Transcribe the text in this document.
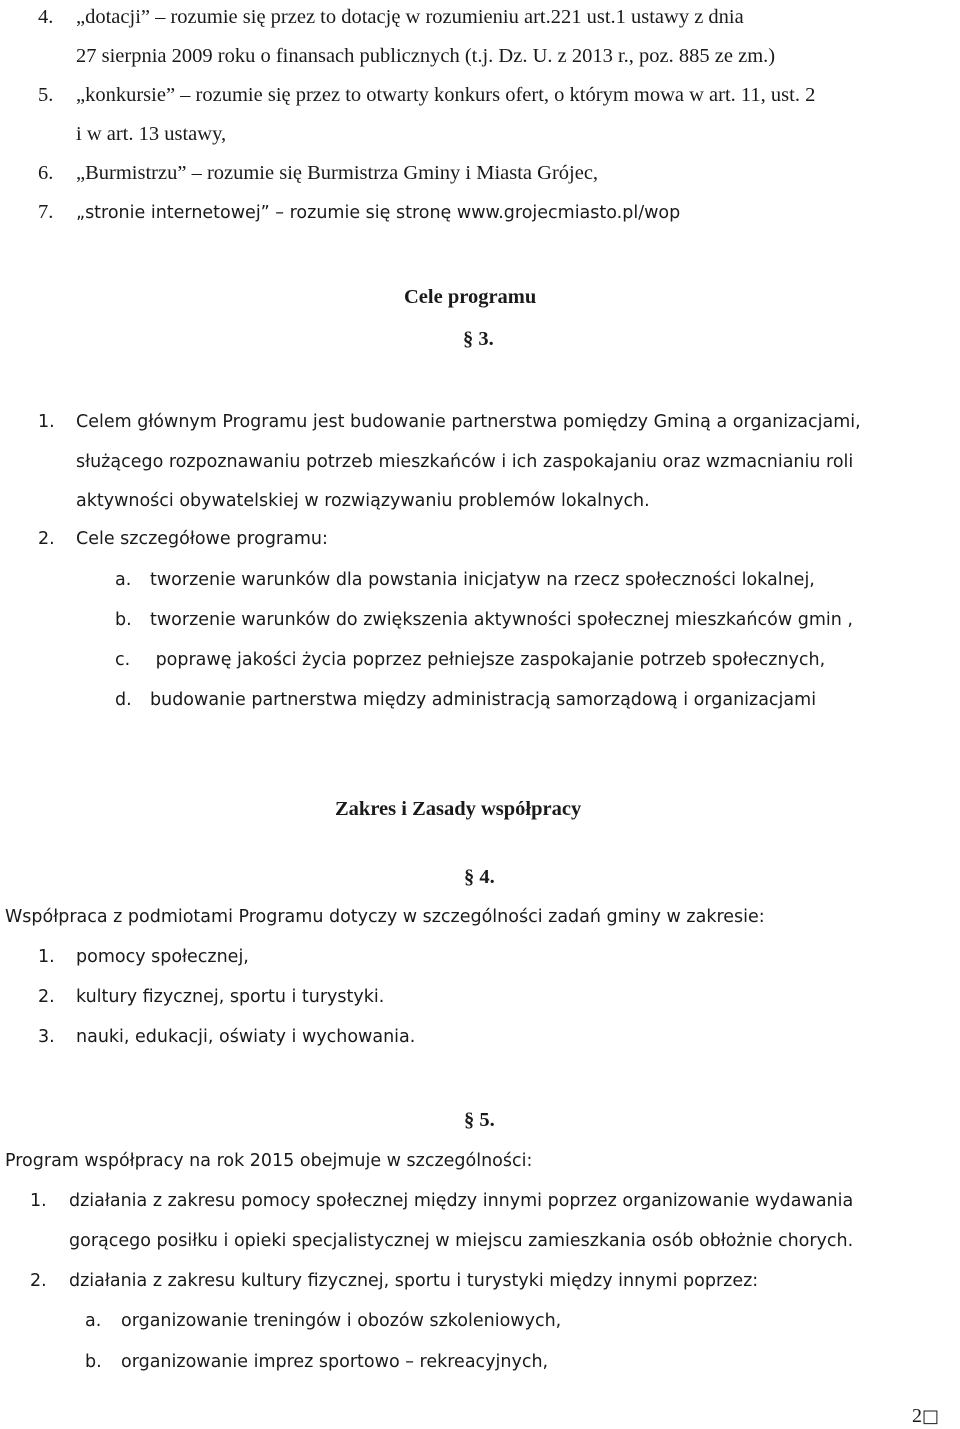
4. „dotacji” – rozumie się przez to dotację w rozumieniu art.221 ust.1 ustawy z dnia
27 sierpnia 2009 roku o finansach publicznych (t.j. Dz. U. z 2013 r., poz. 885 ze zm.)
5. „konkursie” – rozumie się przez to otwarty konkurs ofert, o którym mowa w art. 11, ust. 2
i w art. 13 ustawy,
6. „Burmistrzu” – rozumie się Burmistrza Gminy i Miasta Grójec,
7. „stronie internetowej” – rozumie się stronę www.grojecmiasto.pl/wop
Cele programu
§ 3.
1. Celem głównym Programu jest budowanie partnerstwa pomiędzy Gminą a organizacjami,
służącego rozpoznawaniu potrzeb mieszkańców i ich zaspokajaniu oraz wzmacnianiu roli
aktywności obywatelskiej w rozwiązywaniu problemów lokalnych.
2. Cele szczegółowe programu:
a. tworzenie warunków dla powstania inicjatyw na rzecz społeczności lokalnej,
b. tworzenie warunków do zwiększenia aktywności społecznej mieszkańców gmin ,
c. poprawę jakości życia poprzez pełniejsze zaspokajanie potrzeb społecznych,
d. budowanie partnerstwa między administracją samorządową i organizacjami
Zakres i Zasady współpracy
§ 4.
Współpraca z podmiotami Programu dotyczy w szczególności zadań gminy w zakresie:
1. pomocy społecznej,
2. kultury fizycznej, sportu i turystyki.
3. nauki, edukacji, oświaty i wychowania.
§ 5.
Program współpracy na rok 2015 obejmuje w szczególności:
1. działania z zakresu pomocy społecznej między innymi poprzez organizowanie wydawania
gorącego posiłku i opieki specjalistycznej w miejscu zamieszkania osób obłożnie chorych.
2. działania z zakresu kultury fizycznej, sportu i turystyki między innymi poprzez:
a. organizowanie treningów i obozów szkoleniowych,
b. organizowanie imprez sportowo – rekreacyjnych,
2□
